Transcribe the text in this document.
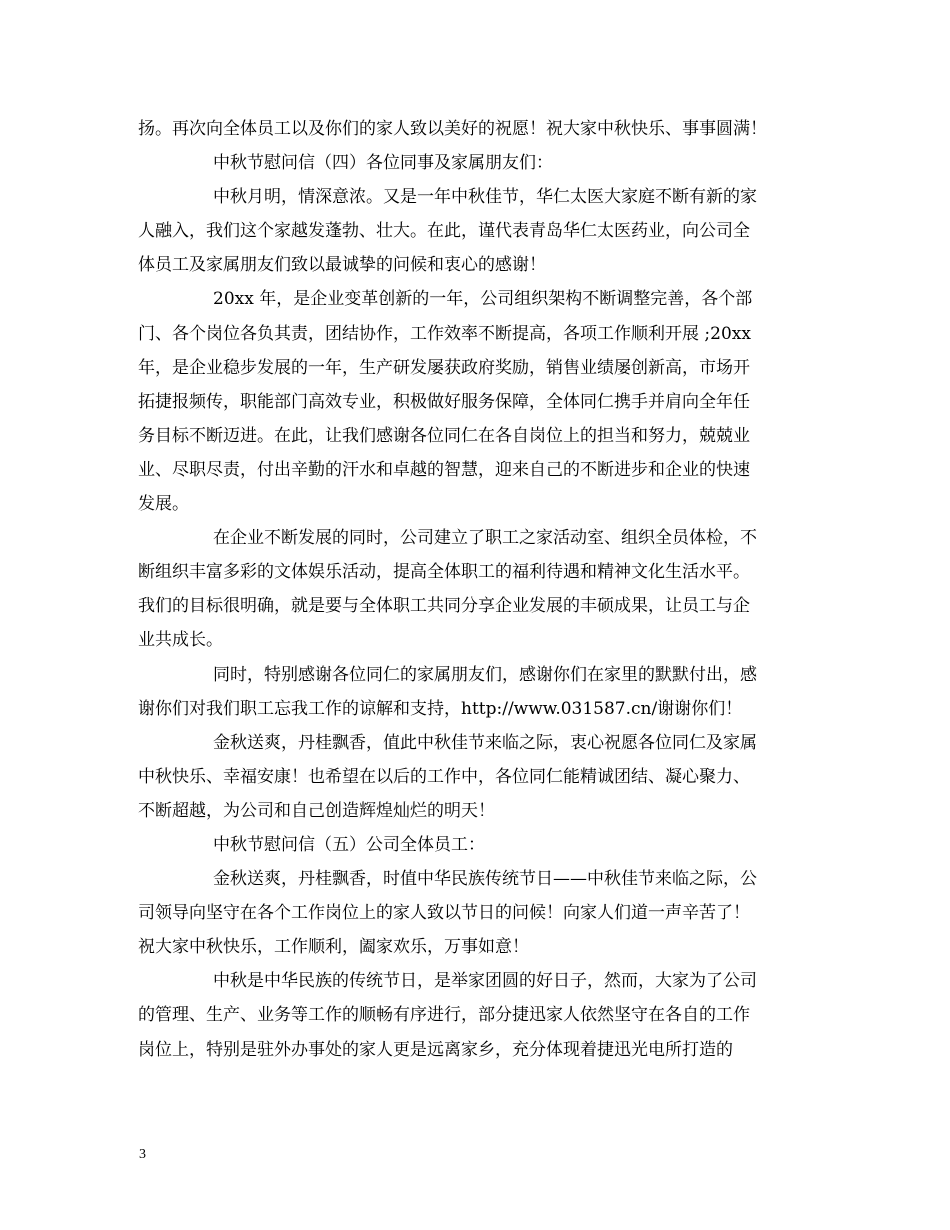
扬。再次向全体员工以及你们的家人致以美好的祝愿！祝大家中秋快乐、事事圆满！
中秋节慰问信（四）各位同事及家属朋友们：
中秋月明，情深意浓。又是一年中秋佳节，华仁太医大家庭不断有新的家
人融入，我们这个家越发蓬勃、壮大。在此，谨代表青岛华仁太医药业，向公司全
体员工及家属朋友们致以最诚挚的问候和衷心的感谢！
20xx 年，是企业变革创新的一年，公司组织架构不断调整完善，各个部
门、各个岗位各负其责，团结协作，工作效率不断提高，各项工作顺利开展 ;20xx
年，是企业稳步发展的一年，生产研发屡获政府奖励，销售业绩屡创新高，市场开
拓捷报频传，职能部门高效专业，积极做好服务保障，全体同仁携手并肩向全年任
务目标不断迈进。在此，让我们感谢各位同仁在各自岗位上的担当和努力，兢兢业
业、尽职尽责，付出辛勤的汗水和卓越的智慧，迎来自己的不断进步和企业的快速
发展。
在企业不断发展的同时，公司建立了职工之家活动室、组织全员体检，不
断组织丰富多彩的文体娱乐活动，提高全体职工的福利待遇和精神文化生活水平。
我们的目标很明确，就是要与全体职工共同分享企业发展的丰硕成果，让员工与企
业共成长。
同时，特别感谢各位同仁的家属朋友们，感谢你们在家里的默默付出，感
谢你们对我们职工忘我工作的谅解和支持，http://www.031587.cn/谢谢你们！
金秋送爽，丹桂飘香，值此中秋佳节来临之际，衷心祝愿各位同仁及家属
中秋快乐、幸福安康！也希望在以后的工作中，各位同仁能精诚团结、凝心聚力、
不断超越，为公司和自己创造辉煌灿烂的明天！
中秋节慰问信（五）公司全体员工：
金秋送爽，丹桂飘香，时值中华民族传统节日——中秋佳节来临之际，公
司领导向坚守在各个工作岗位上的家人致以节日的问候！向家人们道一声辛苦了！
祝大家中秋快乐，工作顺利，阖家欢乐，万事如意！
中秋是中华民族的传统节日，是举家团圆的好日子，然而，大家为了公司
的管理、生产、业务等工作的顺畅有序进行，部分捷迅家人依然坚守在各自的工作
岗位上，特别是驻外办事处的家人更是远离家乡，充分体现着捷迅光电所打造的
3
